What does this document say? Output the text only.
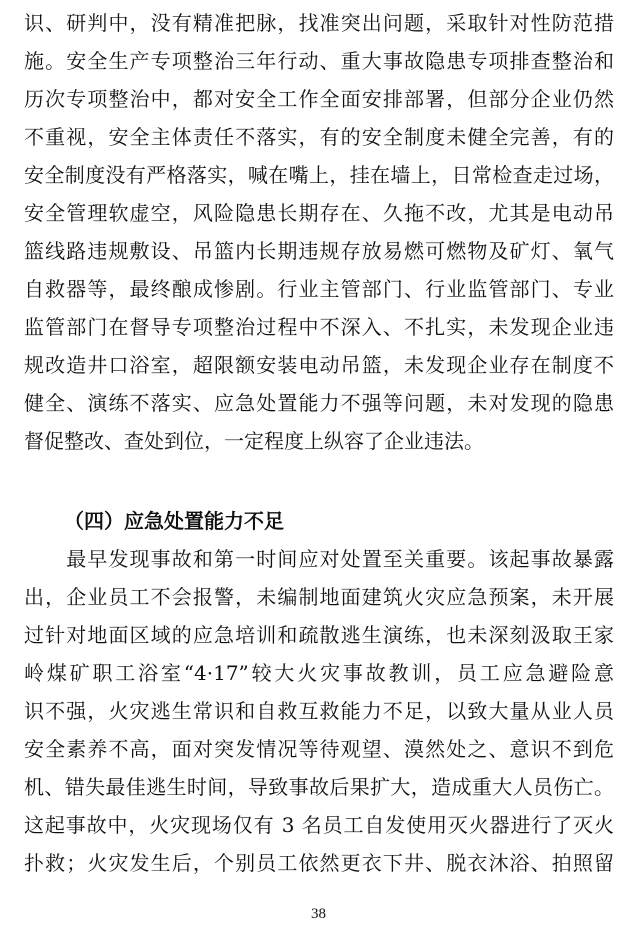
识、研判中，没有精准把脉，找准突出问题，采取针对性防范措
施。安全生产专项整治三年行动、重大事故隐患专项排查整治和
历次专项整治中，都对安全工作全面安排部署，但部分企业仍然
不重视，安全主体责任不落实，有的安全制度未健全完善，有的
安全制度没有严格落实，喊在嘴上，挂在墙上，日常检查走过场，
安全管理软虚空，风险隐患长期存在、久拖不改，尤其是电动吊
篮线路违规敷设、吊篮内长期违规存放易燃可燃物及矿灯、氧气
自救器等，最终酿成惨剧。行业主管部门、行业监管部门、专业
监管部门在督导专项整治过程中不深入、不扎实，未发现企业违
规改造井口浴室，超限额安装电动吊篮，未发现企业存在制度不
健全、演练不落实、应急处置能力不强等问题，未对发现的隐患
督促整改、查处到位，一定程度上纵容了企业违法。
（四）应急处置能力不足
　　最早发现事故和第一时间应对处置至关重要。该起事故暴露
出，企业员工不会报警，未编制地面建筑火灾应急预案，未开展
过针对地面区域的应急培训和疏散逃生演练，也未深刻汲取王家
岭煤矿职工浴室“4·17”较大火灾事故教训，员工应急避险意
识不强，火灾逃生常识和自救互救能力不足，以致大量从业人员
安全素养不高，面对突发情况等待观望、漠然处之、意识不到危
机、错失最佳逃生时间，导致事故后果扩大，造成重大人员伤亡。
这起事故中，火灾现场仅有 3 名员工自发使用灭火器进行了灭火
扑救；火灾发生后，个别员工依然更衣下井、脱衣沐浴、拍照留
38
